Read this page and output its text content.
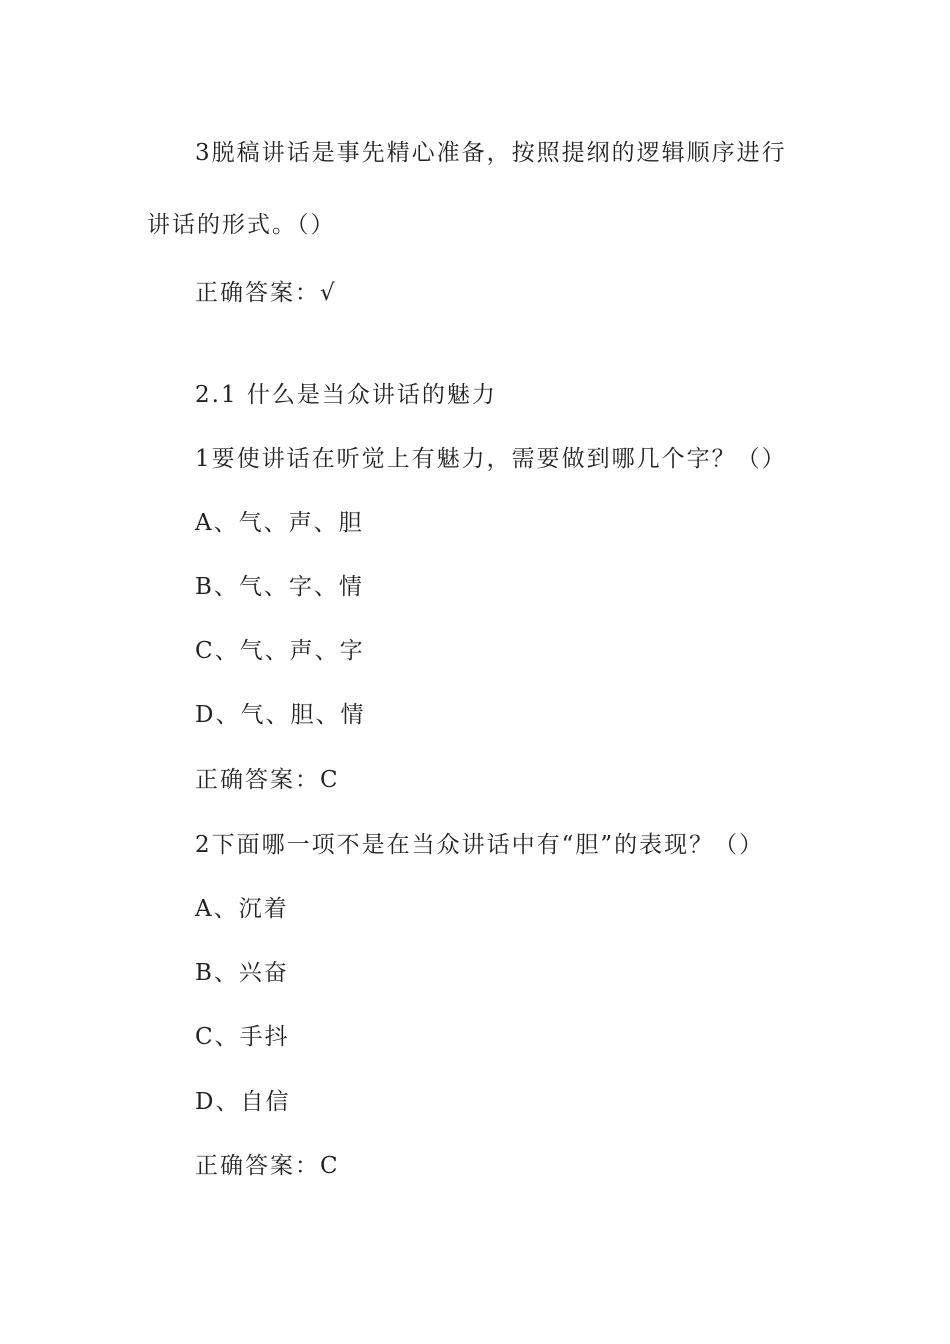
3脱稿讲话是事先精心准备，按照提纲的逻辑顺序进行
讲话的形式。（）
正确答案：√
2.1 什么是当众讲话的魅力
1要使讲话在听觉上有魅力，需要做到哪几个字？（）
A、气、声、胆
B、气、字、情
C、气、声、字
D、气、胆、情
正确答案：C
2下面哪一项不是在当众讲话中有“胆”的表现？（）
A、沉着
B、兴奋
C、手抖
D、自信
正确答案：C
